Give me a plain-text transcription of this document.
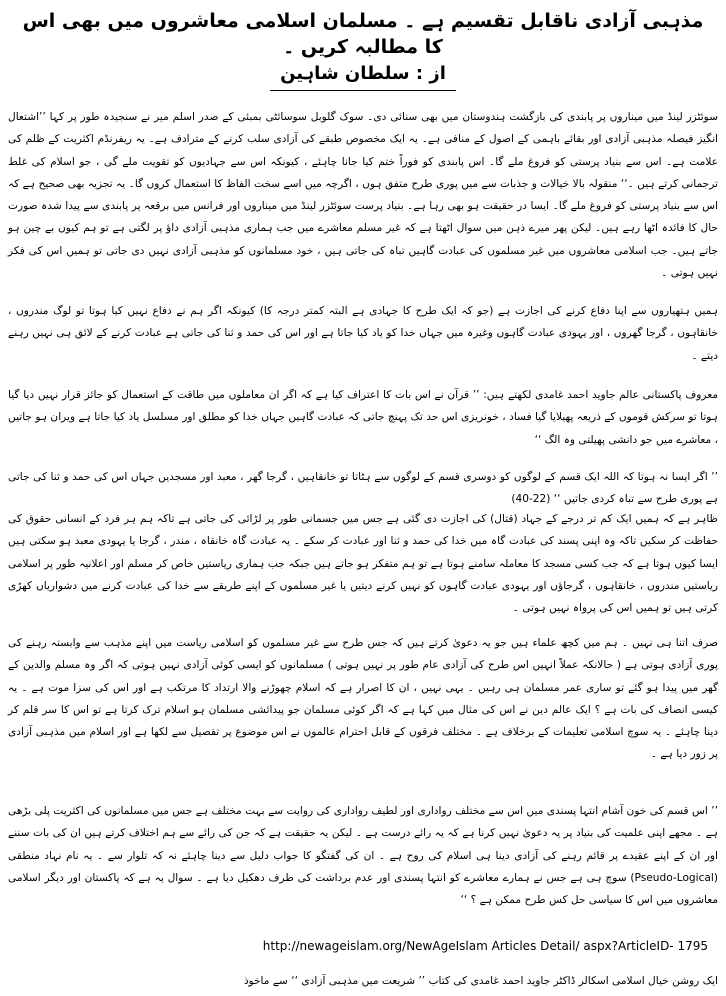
مذہبی آزادی ناقابل تقسیم ہے ۔ مسلمان اسلامی معاشروں میں بھی اس کا مطالبہ کریں ۔
از : سلطان شاہین
سوئٹزر لینڈ میں میناروں پر پابندی کی بازگشت ہندوستان میں بھی سنائی دی۔ سوک گلوبل سوسائٹی بمبئی کے صدر اسلم میر نے سنجیدہ طور پر کہا ’’اشتعال انگیز فیصلہ مذہبی آزادی اور بقائے باہمی کے اصول کے منافی ہے۔ یہ ایک مخصوص طبقے کی آزادی سلب کرنے کے مترادف ہے۔ یہ ریفرنڈم اکثریت کے ظلم کی علامت ہے۔ اس سے بنیاد پرستی کو فروغ ملے گا۔ اس پابندی کو فوراً ختم کیا جانا چاہئے ، کیونکہ اس سے جہادیوں کو تقویت ملے گی ، جو اسلام کی غلط ترجمانی کرتے ہیں ۔‘‘ منقولہ بالا خیالات و جذبات سے میں پوری طرح متفق ہوں ، اگرچہ میں اسے سخت الفاظ کا استعمال کروں گا۔ یہ تجزیہ بھی صحیح ہے کہ اس سے بنیاد پرستی کو فروغ ملے گا۔ ایسا در حقیقت ہو بھی رہا ہے۔ بنیاد پرست سوئٹزر لینڈ میں میناروں اور فرانس میں برقعہ پر پابندی سے پیدا شدہ صورت حال کا فائدہ اٹھا رہے ہیں۔ لیکن پھر میرے ذہن میں سوال اٹھتا ہے کہ غیر مسلم معاشرے میں جب ہماری مذہبی آزادی داؤ پر لگتی ہے تو ہم کیوں بے چین ہو جاتے ہیں۔ جب اسلامی معاشروں میں غیر مسلموں کی عبادت گاہیں تباہ کی جاتی ہیں ، خود مسلمانوں کو مذہبی آزادی نہیں دی جاتی تو ہمیں اس کی فکر نہیں ہوتی ۔
ہمیں ہتھیاروں سے اپنا دفاع کرنے کی اجازت ہے (جو کہ ایک طرح کا جہادی ہے البتہ کمتر درجہ کا) کیونکہ اگر ہم نے دفاع نہیں کیا ہوتا تو لوگ مندروں ، خانقاہوں ، گرجا گھروں ، اور یہودی عبادت گاہوں وغیرہ میں جہاں خدا کو یاد کیا جاتا ہے اور اس کی حمد و ثنا کی جاتی ہے عبادت کرنے کے لائق ہی نہیں رہنے دیتے ۔
معروف پاکستانی عالم جاوید احمد غامدی لکھتے ہیں: ’’ قرآن نے اس بات کا اعتراف کیا ہے کہ اگر ان معاملوں میں طاقت کے استعمال کو جائز قرار نہیں دیا گیا ہوتا تو سرکش قوموں کے ذریعہ پھیلایا گیا فساد ، خونریزی اس حد تک پہنچ جاتی کہ عبادت گاہیں جہاں خدا کو مطلق اور مسلسل یاد کیا جاتا ہے ویران ہو جاتیں ، معاشرے میں جو دانشی پھیلتی وہ الگ ‘‘
’’ اگر ایسا نہ ہوتا کہ اللہ ایک قسم کے لوگوں کو دوسری قسم کے لوگوں سے ہٹاتا تو خانقاہیں ، گرجا گھر ، معبد اور مسجدیں جہاں اس کی حمد و ثنا کی جاتی ہے پوری طرح سے تباہ کردی جاتیں ‘‘ (22-40)
ظاہر ہے کہ ہمیں ایک کم تر درجے کے جہاد (قتال) کی اجازت دی گئی ہے جس میں جسمانی طور پر لڑائی کی جاتی ہے تاکہ ہم ہر فرد کے انسانی حقوق کی حفاظت کر سکیں تاکہ وہ اپنی پسند کی عبادت گاہ میں خدا کی حمد و ثنا اور عبادت کر سکے ۔ یہ عبادت گاہ خانقاہ ، مندر ، گرجا یا یہودی معبد ہو سکتی ہیں ایسا کیوں ہوتا ہے کہ جب کسی مسجد کا معاملہ سامنے ہوتا ہے تو ہم متفکر ہو جاتے ہیں جبکہ جب ہماری ریاستیں خاص کر مسلم اور اعلانیہ طور پر اسلامی ریاستیں مندروں ، خانقاہوں ، گرجاؤں اور یہودی عبادت گاہوں کو نہیں کرنے دیتیں یا غیر مسلموں کے اپنے طریقے سے خدا کی عبادت کرنے میں دشواریاں کھڑی کرتی ہیں تو ہمیں اس کی پرواہ نہیں ہوتی ۔
صرف اتنا ہی نہیں ۔ ہم میں کچھ علماء ہیں جو یہ دعویٰ کرتے ہیں کہ جس طرح سے غیر مسلموں کو اسلامی ریاست میں اپنے مذہب سے وابستہ رہنے کی پوری آزادی ہوتی ہے ( حالانکہ عملاً انہیں اس طرح کی آزادی عام طور پر نہیں ہوتی ) مسلمانوں کو ایسی کوئی آزادی نہیں ہوتی کہ اگر وہ مسلم والدین کے گھر میں پیدا ہو گئے تو ساری عمر مسلمان ہی رہیں ۔ یہی نہیں ، ان کا اصرار ہے کہ اسلام چھوڑنے والا ارتداد کا مرتکب ہے اور اس کی سزا موت ہے ۔ یہ کیسی انصاف کی بات ہے ؟ ایک عالم دین نے اس کی مثال میں کہا ہے کہ اگر کوئی مسلمان جو پیدائشی مسلمان ہو اسلام ترک کرتا ہے تو اس کا سر قلم کر دینا چاہئے ۔ یہ سوچ اسلامی تعلیمات کے برخلاف ہے ۔ مختلف فرقوں کے قابل احترام عالموں نے اس موضوع پر تفصیل سے لکھا ہے اور اسلام میں مذہبی آزادی پر زور دیا ہے ۔
’’ اس قسم کی خون آشام انتہا پسندی میں اس سے مختلف رواداری اور لطیف رواداری کی روایت سے بہت مختلف ہے جس میں مسلمانوں کی اکثریت پلی بڑھی ہے ۔ مجھے اپنی علمیت کی بنیاد پر یہ دعویٰ نہیں کرنا ہے کہ یہ رائے درست ہے ۔ لیکن یہ حقیقت ہے کہ جن کی رائے سے ہم اختلاف کرتے ہیں ان کی بات سننے اور ان کے اپنے عقیدے پر قائم رہنے کی آزادی دینا ہی اسلام کی روح ہے ۔ ان کی گفتگو کا جواب دلیل سے دینا چاہئے نہ کہ تلوار سے ۔ یہ نام نہاد منطقی (Pseudo-Logical) سوچ ہی ہے جس نے ہمارے معاشرے کو انتہا پسندی اور عدم برداشت کی طرف دھکیل دیا ہے ۔ سوال یہ ہے کہ پاکستان اور دیگر اسلامی معاشروں میں اس کا سیاسی حل کس طرح ممکن ہے ؟ ‘‘
http://newageislam.org/NewAgeIslam Articles Detail/ aspx?ArticleID- 1795
ایک روشن خیال اسلامی اسکالر ڈاکٹر جاوید احمد غامدی کی کتاب ’’ شریعت میں مذہبی آزادی ‘‘ سے ماخوذ
